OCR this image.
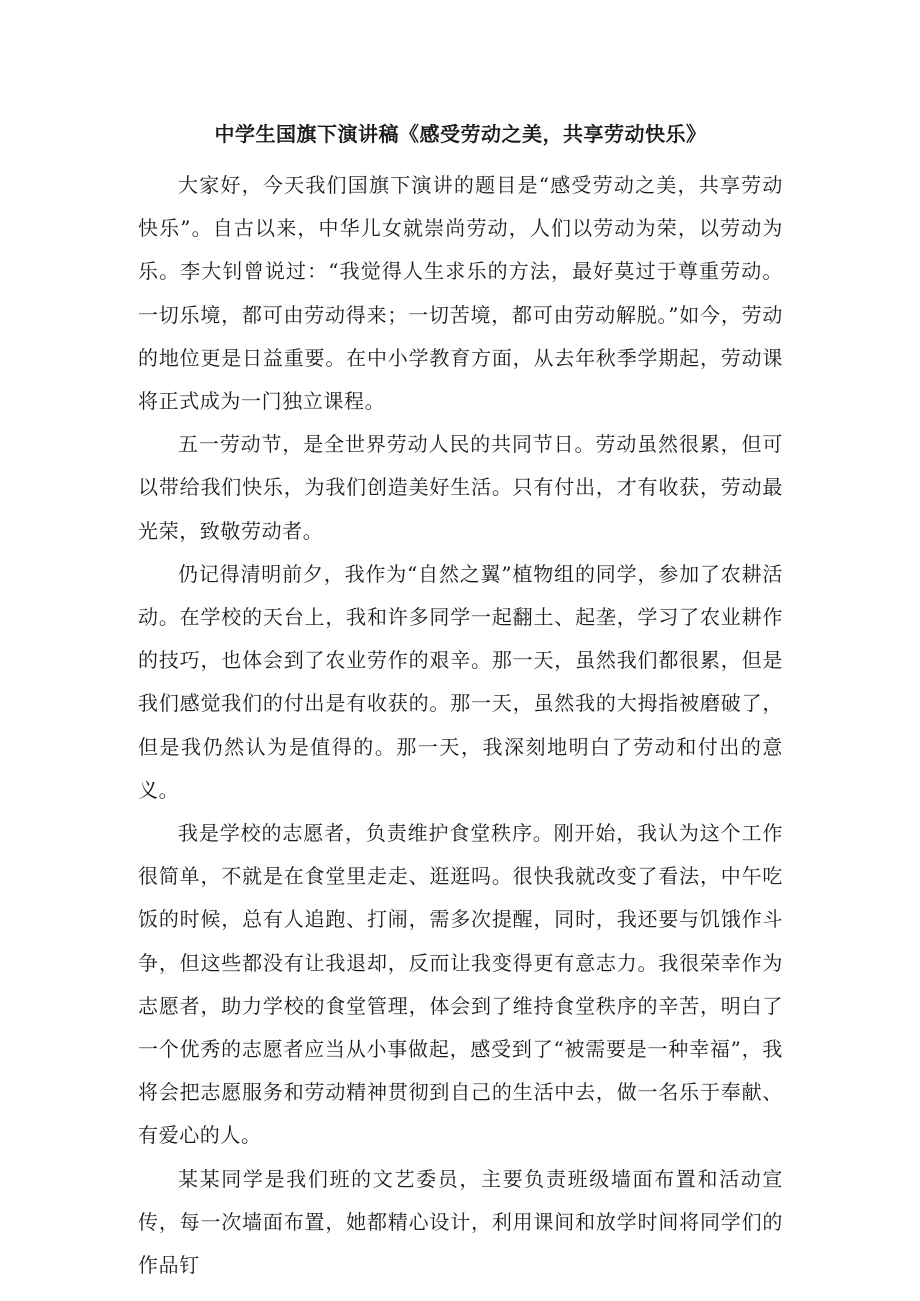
中学生国旗下演讲稿《感受劳动之美，共享劳动快乐》

大家好，今天我们国旗下演讲的题目是“感受劳动之美，共享劳动快乐”。自古以来，中华儿女就崇尚劳动，人们以劳动为荣，以劳动为乐。李大钊曾说过：“我觉得人生求乐的方法，最好莫过于尊重劳动。一切乐境，都可由劳动得来；一切苦境，都可由劳动解脱。”如今，劳动的地位更是日益重要。在中小学教育方面，从去年秋季学期起，劳动课将正式成为一门独立课程。

五一劳动节，是全世界劳动人民的共同节日。劳动虽然很累，但可以带给我们快乐，为我们创造美好生活。只有付出，才有收获，劳动最光荣，致敬劳动者。

仍记得清明前夕，我作为“自然之翼”植物组的同学，参加了农耕活动。在学校的天台上，我和许多同学一起翻土、起垄，学习了农业耕作的技巧，也体会到了农业劳作的艰辛。那一天，虽然我们都很累，但是我们感觉我们的付出是有收获的。那一天，虽然我的大拇指被磨破了，但是我仍然认为是值得的。那一天，我深刻地明白了劳动和付出的意义。

我是学校的志愿者，负责维护食堂秩序。刚开始，我认为这个工作很简单，不就是在食堂里走走、逛逛吗。很快我就改变了看法，中午吃饭的时候，总有人追跑、打闹，需多次提醒，同时，我还要与饥饿作斗争，但这些都没有让我退却，反而让我变得更有意志力。我很荣幸作为志愿者，助力学校的食堂管理，体会到了维持食堂秩序的辛苦，明白了一个优秀的志愿者应当从小事做起，感受到了“被需要是一种幸福”，我将会把志愿服务和劳动精神贯彻到自己的生活中去，做一名乐于奉献、有爱心的人。

某某同学是我们班的文艺委员，主要负责班级墙面布置和活动宣传，每一次墙面布置，她都精心设计，利用课间和放学时间将同学们的作品钉
